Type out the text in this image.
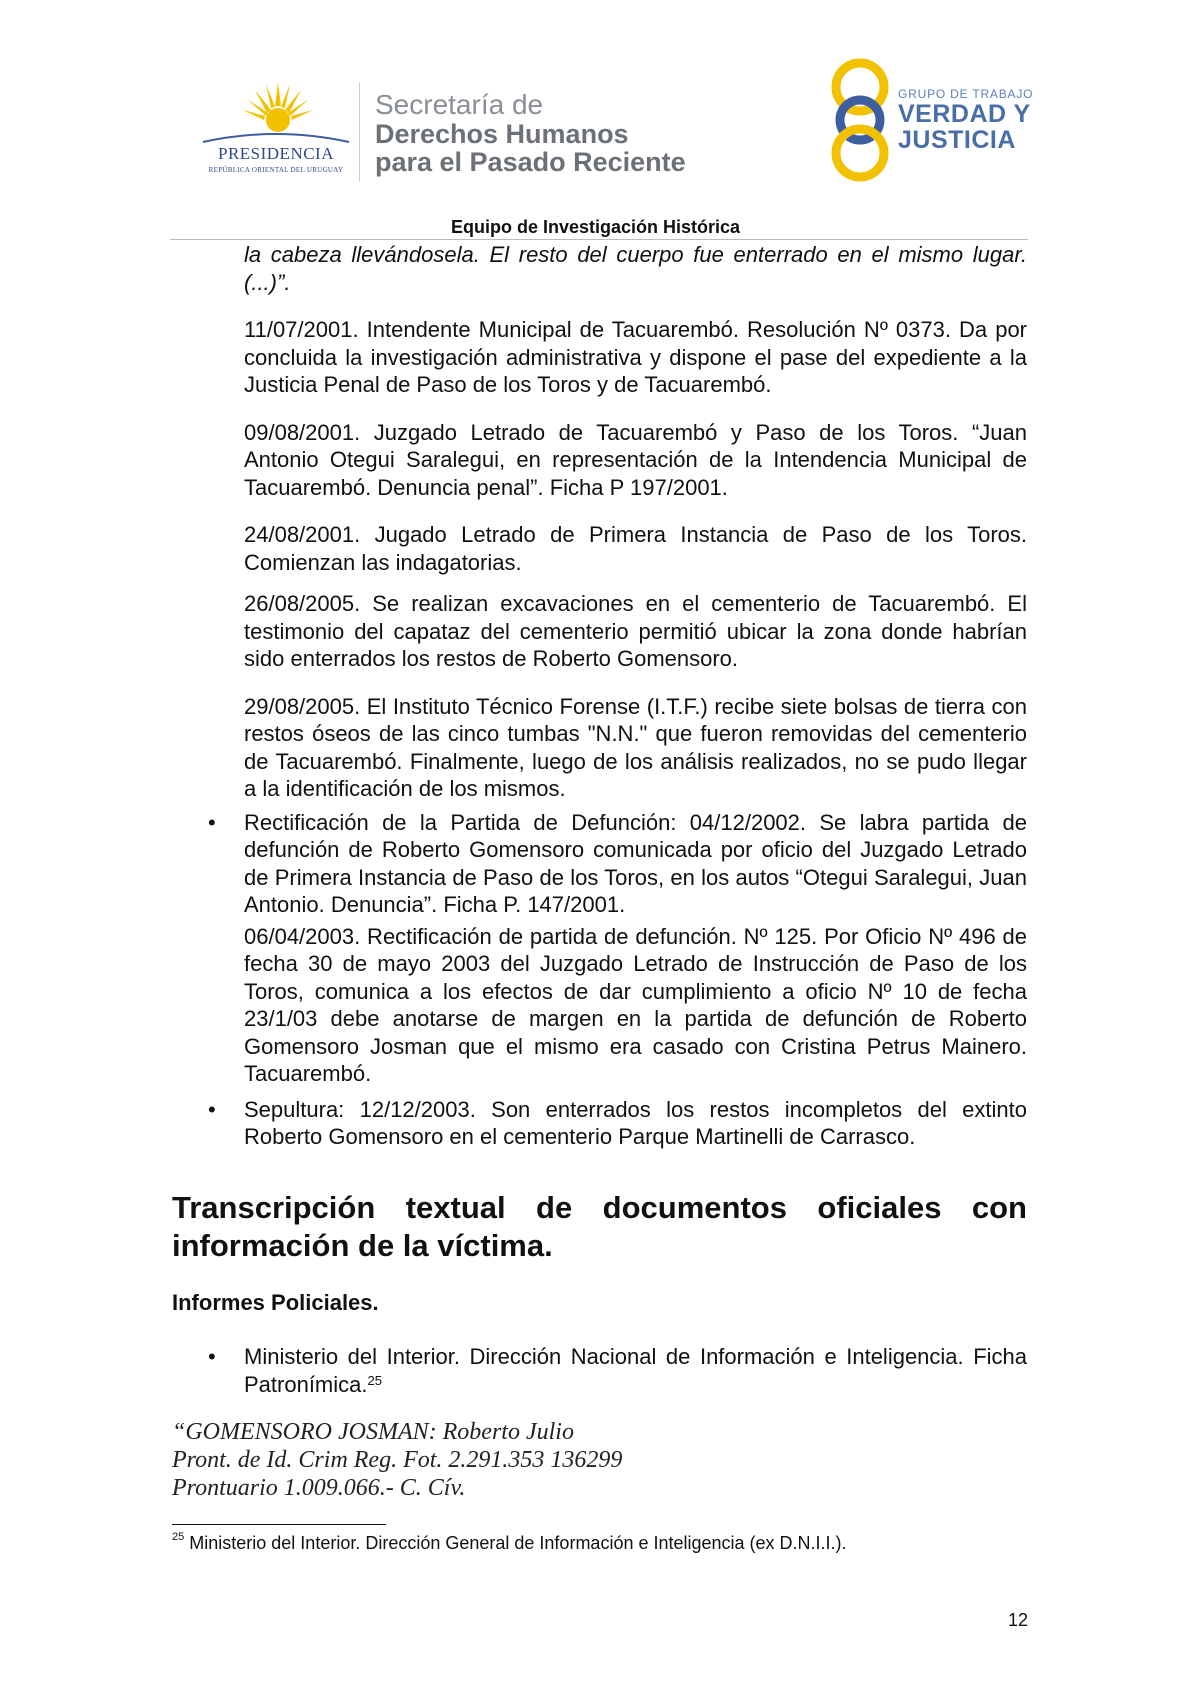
PRESIDENCIA
REPÚBLICA ORIENTAL DEL URUGUAY
Secretaría de
Derechos Humanos
para el Pasado Reciente
GRUPO DE TRABAJO
VERDAD Y
JUSTICIA
Equipo de Investigación Histórica

la cabeza llevándosela. El resto del cuerpo fue enterrado en el mismo lugar. (...)”.

11/07/2001. Intendente Municipal de Tacuarembó. Resolución Nº 0373. Da por concluida la investigación administrativa y dispone el pase del expediente a la Justicia Penal de Paso de los Toros y de Tacuarembó.

09/08/2001. Juzgado Letrado de Tacuarembó y Paso de los Toros. “Juan Antonio Otegui Saralegui, en representación de la Intendencia Municipal de Tacuarembó. Denuncia penal”. Ficha P 197/2001.

24/08/2001. Jugado Letrado de Primera Instancia de Paso de los Toros. Comienzan las indagatorias.

26/08/2005. Se realizan excavaciones en el cementerio de Tacuarembó. El testimonio del capataz del cementerio permitió ubicar la zona donde habrían sido enterrados los restos de Roberto Gomensoro.

29/08/2005. El Instituto Técnico Forense (I.T.F.) recibe siete bolsas de tierra con restos óseos de las cinco tumbas "N.N." que fueron removidas del cementerio de Tacuarembó. Finalmente, luego de los análisis realizados, no se pudo llegar a la identificación de los mismos.

• Rectificación de la Partida de Defunción: 04/12/2002. Se labra partida de defunción de Roberto Gomensoro comunicada por oficio del Juzgado Letrado de Primera Instancia de Paso de los Toros, en los autos “Otegui Saralegui, Juan Antonio. Denuncia”. Ficha P. 147/2001.

06/04/2003. Rectificación de partida de defunción. Nº 125. Por Oficio Nº 496 de fecha 30 de mayo 2003 del Juzgado Letrado de Instrucción de Paso de los Toros, comunica a los efectos de dar cumplimiento a oficio Nº 10 de fecha 23/1/03 debe anotarse de margen en la partida de defunción de Roberto Gomensoro Josman que el mismo era casado con Cristina Petrus Mainero. Tacuarembó.

• Sepultura: 12/12/2003. Son enterrados los restos incompletos del extinto Roberto Gomensoro en el cementerio Parque Martinelli de Carrasco.

Transcripción textual de documentos oficiales con información de la víctima.
Informes Policiales.
• Ministerio del Interior. Dirección Nacional de Información e Inteligencia. Ficha Patronímica.$^{25}$
“GOMENSORO JOSMAN: Roberto Julio
Pront. de Id. Crim Reg. Fot. 2.291.353 136299
Prontuario 1.009.066.- C. Cív.
$^{25}$ Ministerio del Interior. Dirección General de Información e Inteligencia (ex D.N.I.I.).
12
